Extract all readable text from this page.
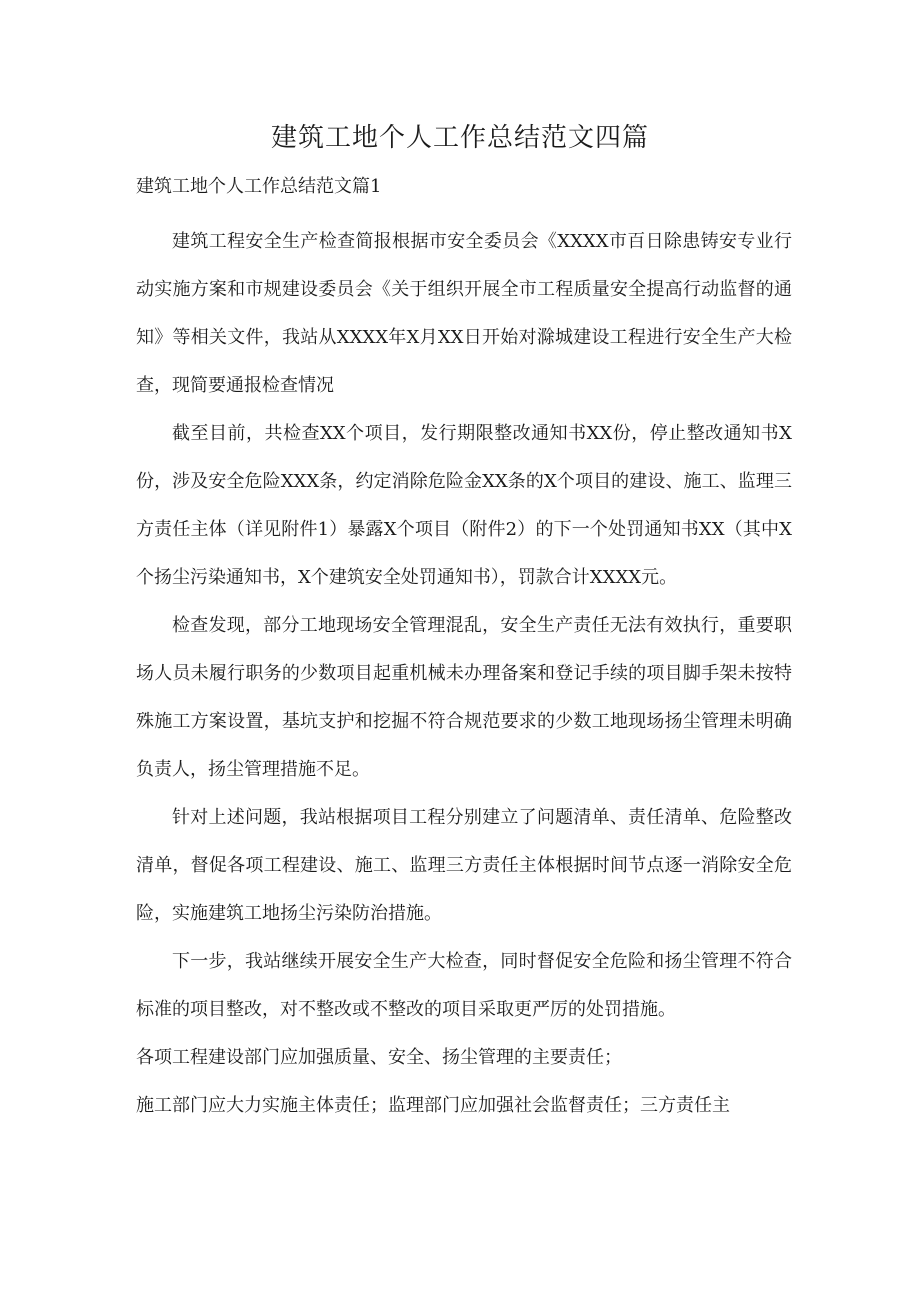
建筑工地个人工作总结范文四篇

建筑工地个人工作总结范文篇1

建筑工程安全生产检查简报根据市安全委员会《XXXX市百日除患铸安专业行动实施方案和市规建设委员会《关于组织开展全市工程质量安全提高行动监督的通知》等相关文件，我站从XXXX年X月XX日开始对滁城建设工程进行安全生产大检查，现简要通报检查情况

截至目前，共检查XX个项目，发行期限整改通知书XX份，停止整改通知书X份，涉及安全危险XXX条，约定消除危险金XX条的X个项目的建设、施工、监理三方责任主体（详见附件1）暴露X个项目（附件2）的下一个处罚通知书XX（其中X个扬尘污染通知书，X个建筑安全处罚通知书），罚款合计XXXX元。

检查发现，部分工地现场安全管理混乱，安全生产责任无法有效执行，重要职场人员未履行职务的少数项目起重机械未办理备案和登记手续的项目脚手架未按特殊施工方案设置，基坑支护和挖掘不符合规范要求的少数工地现场扬尘管理未明确负责人，扬尘管理措施不足。

针对上述问题，我站根据项目工程分别建立了问题清单、责任清单、危险整改清单，督促各项工程建设、施工、监理三方责任主体根据时间节点逐一消除安全危险，实施建筑工地扬尘污染防治措施。

下一步，我站继续开展安全生产大检查，同时督促安全危险和扬尘管理不符合标准的项目整改，对不整改或不整改的项目采取更严厉的处罚措施。

各项工程建设部门应加强质量、安全、扬尘管理的主要责任；

施工部门应大力实施主体责任；监理部门应加强社会监督责任；三方责任主
